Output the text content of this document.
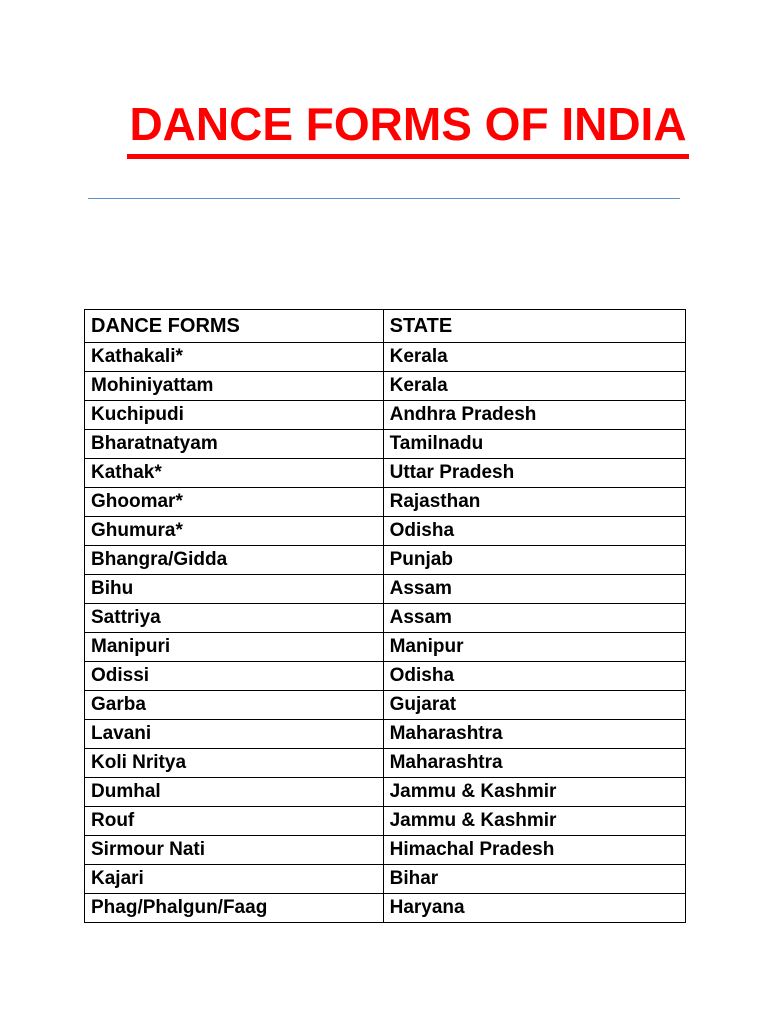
DANCE FORMS OF INDIA
DANCE FORMS	STATE
Kathakali*	Kerala
Mohiniyattam	Kerala
Kuchipudi	Andhra Pradesh
Bharatnatyam	Tamilnadu
Kathak*	Uttar Pradesh
Ghoomar*	Rajasthan
Ghumura*	Odisha
Bhangra/Gidda	Punjab
Bihu	Assam
Sattriya	Assam
Manipuri	Manipur
Odissi	Odisha
Garba	Gujarat
Lavani	Maharashtra
Koli Nritya	Maharashtra
Dumhal	Jammu & Kashmir
Rouf	Jammu & Kashmir
Sirmour Nati	Himachal Pradesh
Kajari	Bihar
Phag/Phalgun/Faag	Haryana
